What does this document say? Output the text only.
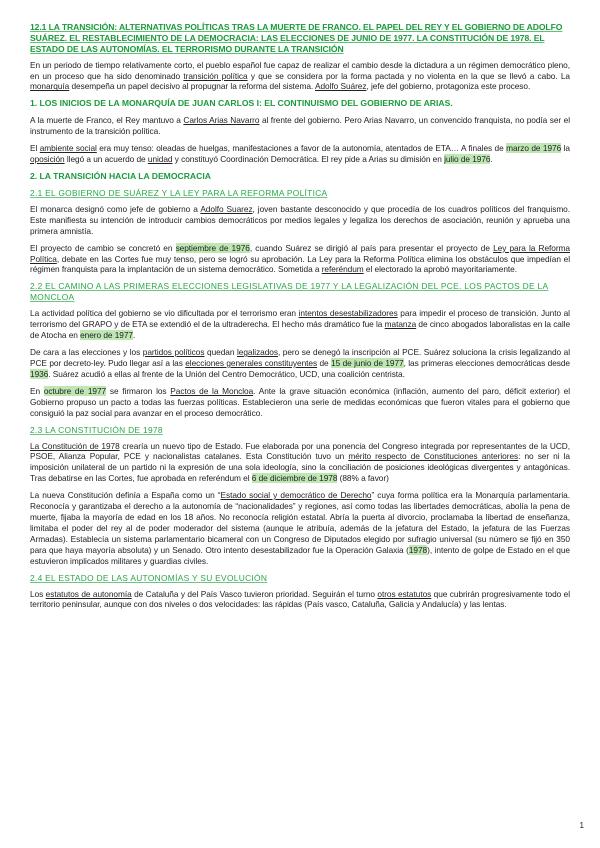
12.1 LA TRANSICIÓN: ALTERNATIVAS POLÍTICAS TRAS LA MUERTE DE FRANCO. EL PAPEL DEL REY Y EL GOBIERNO DE ADOLFO SUÁREZ. EL RESTABLECIMIENTO DE LA DEMOCRACIA: LAS ELECCIONES DE JUNIO DE 1977. LA CONSTITUCIÓN DE 1978. EL ESTADO DE LAS AUTONOMÍAS. EL TERRORISMO DURANTE LA TRANSICIÓN

En un periodo de tiempo relativamente corto, el pueblo español fue capaz de realizar el cambio desde la dictadura a un régimen democrático pleno, en un proceso que ha sido denominado transición política y que se considera por la forma pactada y no violenta en la que se llevó a cabo. La monarquía desempeña un papel decisivo al propugnar la reforma del sistema. Adolfo Suárez, jefe del gobierno, protagoniza este proceso.

1. LOS INICIOS DE LA MONARQUÍA DE JUAN CARLOS I: EL CONTINUISMO DEL GOBIERNO DE ARIAS.

A la muerte de Franco, el Rey mantuvo a Carlos Arias Navarro al frente del gobierno. Pero Arias Navarro, un convencido franquista, no podía ser el instrumento de la transición política.

El ambiente social era muy tenso: oleadas de huelgas, manifestaciones a favor de la autonomía, atentados de ETA… A finales de marzo de 1976 la oposición llegó a un acuerdo de unidad y constituyó Coordinación Democrática. El rey pide a Arias su dimisión en julio de 1976.

2. LA TRANSICIÓN HACIA LA DEMOCRACIA
2.1 EL GOBIERNO DE SUÁREZ Y LA LEY PARA LA REFORMA POLÍTICA

El monarca designó como jefe de gobierno a Adolfo Suarez, joven bastante desconocido y que procedía de los cuadros políticos del franquismo. Este manifiesta su intención de introducir cambios democráticos por medios legales y legaliza los derechos de asociación, reunión y aprueba una primera amnistía.

El proyecto de cambio se concretó en septiembre de 1976, cuando Suárez se dirigió al país para presentar el proyecto de Ley para la Reforma Política, debate en las Cortes fue muy tenso, pero se logró su aprobación. La Ley para la Reforma Política elimina los obstáculos que impedían el régimen franquista para la implantación de un sistema democrático. Sometida a referéndum el electorado la aprobó mayoritariamente.

2.2 EL CAMINO A LAS PRIMERAS ELECCIONES LEGISLATIVAS DE 1977 Y LA LEGALIZACIÓN DEL PCE. LOS PACTOS DE LA MONCLOA

La actividad política del gobierno se vio dificultada por el terrorismo eran intentos desestabilizadores para impedir el proceso de transición. Junto al terrorismo del GRAPO y de ETA se extendió el de la ultraderecha. El hecho más dramático fue la matanza de cinco abogados laboralistas en la calle de Atocha en enero de 1977.

De cara a las elecciones y los partidos políticos quedan legalizados, pero se denegó la inscripción al PCE. Suárez soluciona la crisis legalizando al PCE por decreto-ley. Pudo llegar así a las elecciones generales constituyentes de 15 de junio de 1977, las primeras elecciones democráticas desde 1936. Suárez acudió a ellas al frente de la Unión del Centro Democrático, UCD, una coalición centrista.

En octubre de 1977 se firmaron los Pactos de la Moncloa. Ante la grave situación económica (inflación, aumento del paro, déficit exterior) el Gobierno propuso un pacto a todas las fuerzas políticas. Establecieron una serie de medidas económicas que fueron vitales para el gobierno que consiguió la paz social para avanzar en el proceso democrático.

2.3 LA CONSTITUCIÓN DE 1978

La Constitución de 1978 crearía un nuevo tipo de Estado. Fue elaborada por una ponencia del Congreso integrada por representantes de la UCD, PSOE, Alianza Popular, PCE y nacionalistas catalanes. Esta Constitución tuvo un mérito respecto de Constituciones anteriores: no ser ni la imposición unilateral de un partido ni la expresión de una sola ideología, sino la conciliación de posiciones ideológicas divergentes y antagónicas. Tras debatirse en las Cortes, fue aprobada en referéndum el 6 de diciembre de 1978 (88% a favor)

La nueva Constitución definía a España como un “Estado social y democrático de Derecho” cuya forma política era la Monarquía parlamentaria. Reconocía y garantizaba el derecho a la autonomía de “nacionalidades” y regiones, así como todas las libertades democráticas, abolía la pena de muerte, fijaba la mayoría de edad en los 18 años. No reconocía religión estatal. Abría la puerta al divorcio, proclamaba la libertad de enseñanza, limitaba el poder del rey al de poder moderador del sistema (aunque le atribuía, además de la jefatura del Estado, la jefatura de las Fuerzas Armadas). Establecía un sistema parlamentario bicameral con un Congreso de Diputados elegido por sufragio universal (su número se fijó en 350 para que haya mayoría absoluta) y un Senado. Otro intento desestabilizador fue la Operación Galaxia (1978), intento de golpe de Estado en el que estuvieron implicados militares y guardias civiles.

2.4 EL ESTADO DE LAS AUTONOMÍAS Y SU EVOLUCIÓN

Los estatutos de autonomía de Cataluña y del País Vasco tuvieron prioridad. Seguirán el turno otros estatutos que cubrirán progresivamente todo el territorio peninsular, aunque con dos niveles o dos velocidades: las rápidas (País vasco, Cataluña, Galicia y Andalucía) y las lentas.

1
